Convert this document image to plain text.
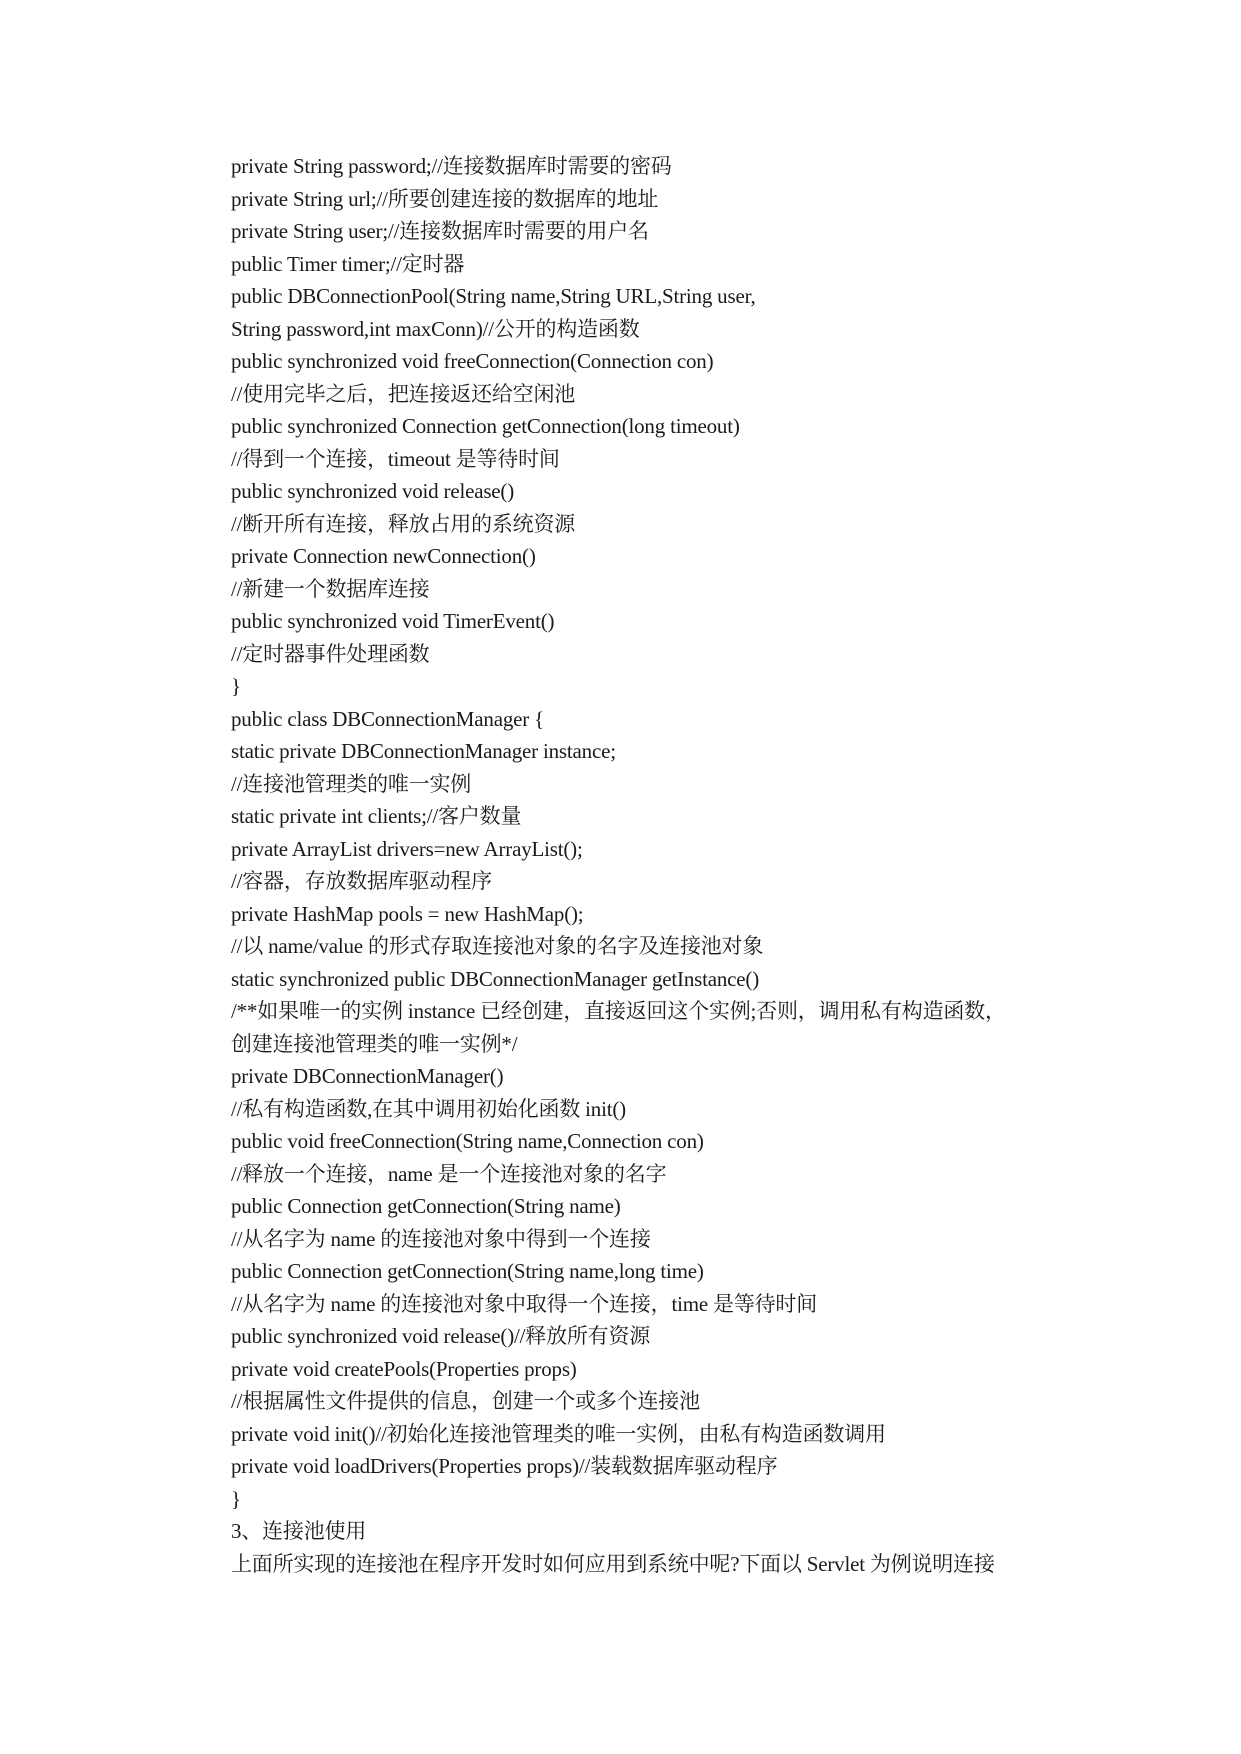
private String password;//连接数据库时需要的密码
private String url;//所要创建连接的数据库的地址
private String user;//连接数据库时需要的用户名
public Timer timer;//定时器
public DBConnectionPool(String name,String URL,String user,
String password,int maxConn)//公开的构造函数
public synchronized void freeConnection(Connection con)
//使用完毕之后，把连接返还给空闲池
public synchronized Connection getConnection(long timeout)
//得到一个连接，timeout 是等待时间
public synchronized void release()
//断开所有连接，释放占用的系统资源
private Connection newConnection()
//新建一个数据库连接
public synchronized void TimerEvent()
//定时器事件处理函数
}
public class DBConnectionManager {
static private DBConnectionManager instance;
//连接池管理类的唯一实例
static private int clients;//客户数量
private ArrayList drivers=new ArrayList();
//容器，存放数据库驱动程序
private HashMap pools = new HashMap();
//以 name/value 的形式存取连接池对象的名字及连接池对象
static synchronized public DBConnectionManager getInstance()
/**如果唯一的实例 instance 已经创建，直接返回这个实例;否则，调用私有构造函数，
创建连接池管理类的唯一实例*/
private DBConnectionManager()
//私有构造函数,在其中调用初始化函数 init()
public void freeConnection(String name,Connection con)
//释放一个连接，name 是一个连接池对象的名字
public Connection getConnection(String name)
//从名字为 name 的连接池对象中得到一个连接
public Connection getConnection(String name,long time)
//从名字为 name 的连接池对象中取得一个连接，time 是等待时间
public synchronized void release()//释放所有资源
private void createPools(Properties props)
//根据属性文件提供的信息，创建一个或多个连接池
private void init()//初始化连接池管理类的唯一实例，由私有构造函数调用
private void loadDrivers(Properties props)//装载数据库驱动程序
}
3、连接池使用
上面所实现的连接池在程序开发时如何应用到系统中呢?下面以 Servlet 为例说明连接
